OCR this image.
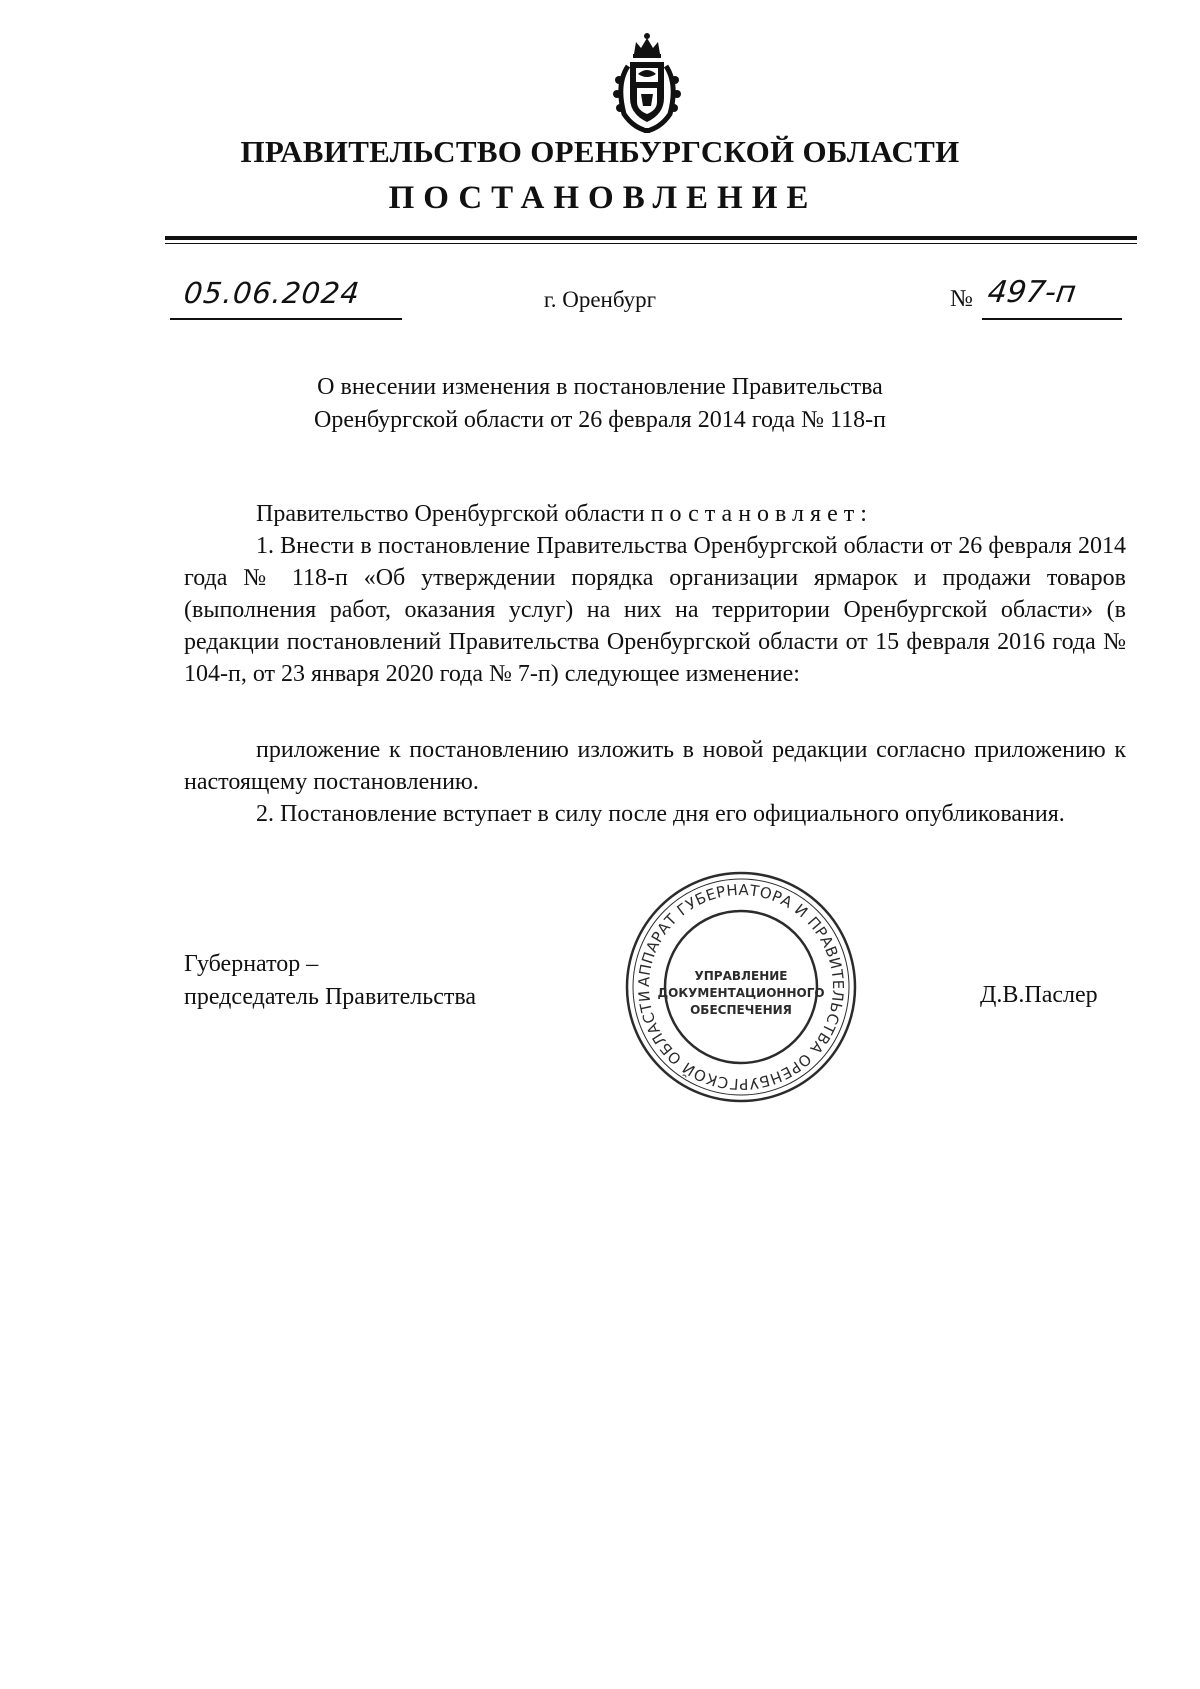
ПРАВИТЕЛЬСТВО ОРЕНБУРГСКОЙ ОБЛАСТИ
ПОСТАНОВЛЕНИЕ
05.06.2024	г. Оренбург	№ 497-п
О внесении изменения в постановление Правительства
Оренбургской области от 26 февраля 2014 года № 118-п
Правительство Оренбургской области постановляет:
1. Внести в постановление Правительства Оренбургской области от 26 февраля 2014 года № 118-п «Об утверждении порядка организации ярмарок и продажи товаров (выполнения работ, оказания услуг) на них на территории Оренбургской области» (в редакции постановлений Правительства Оренбургской области от 15 февраля 2016 года № 104-п, от 23 января 2020 года № 7-п) следующее изменение:
приложение к постановлению изложить в новой редакции согласно приложению к настоящему постановлению.
2. Постановление вступает в силу после дня его официального опубликования.
Губернатор –
председатель Правительства	Д.В.Паслер
АППАРАТ ГУБЕРНАТОРА И ПРАВИТЕЛЬСТВА ОРЕНБУРГСКОЙ ОБЛАСТИ
УПРАВЛЕНИЕ
ДОКУМЕНТАЦИОННОГО
ОБЕСПЕЧЕНИЯ
